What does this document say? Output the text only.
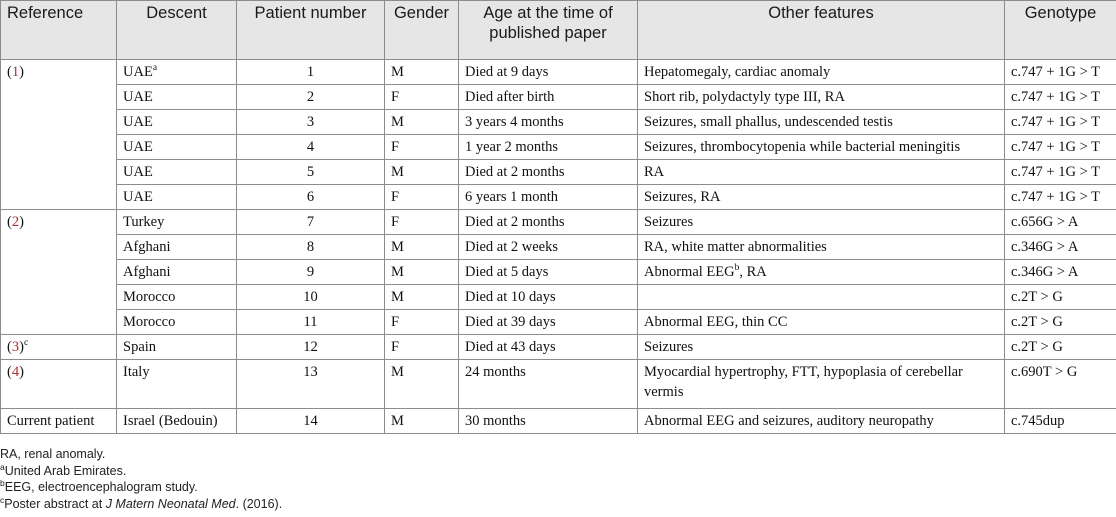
Reference	Descent	Patient number	Gender	Age at the time of published paper	Other features	Genotype
(1)	UAE$^a$	1	M	Died at 9 days	Hepatomegaly, cardiac anomaly	c.747 + 1G > T
	UAE	2	F	Died after birth	Short rib, polydactyly type III, RA	c.747 + 1G > T
	UAE	3	M	3 years 4 months	Seizures, small phallus, undescended testis	c.747 + 1G > T
	UAE	4	F	1 year 2 months	Seizures, thrombocytopenia while bacterial meningitis	c.747 + 1G > T
	UAE	5	M	Died at 2 months	RA	c.747 + 1G > T
	UAE	6	F	6 years 1 month	Seizures, RA	c.747 + 1G > T
(2)	Turkey	7	F	Died at 2 months	Seizures	c.656G > A
	Afghani	8	M	Died at 2 weeks	RA, white matter abnormalities	c.346G > A
	Afghani	9	M	Died at 5 days	Abnormal EEG$^b$, RA	c.346G > A
	Morocco	10	M	Died at 10 days		c.2T > G
	Morocco	11	F	Died at 39 days	Abnormal EEG, thin CC	c.2T > G
$(3)^c$	Spain	12	F	Died at 43 days	Seizures	c.2T > G
(4)	Italy	13	M	24 months	Myocardial hypertrophy, FTT, hypoplasia of cerebellar vermis	c.690T > G
Current patient	Israel (Bedouin)	14	M	30 months	Abnormal EEG and seizures, auditory neuropathy	c.745dup
RA, renal anomaly.
$^a$United Arab Emirates.
$^b$EEG, electroencephalogram study.
$^c$Poster abstract at J Matern Neonatal Med. (2016).
